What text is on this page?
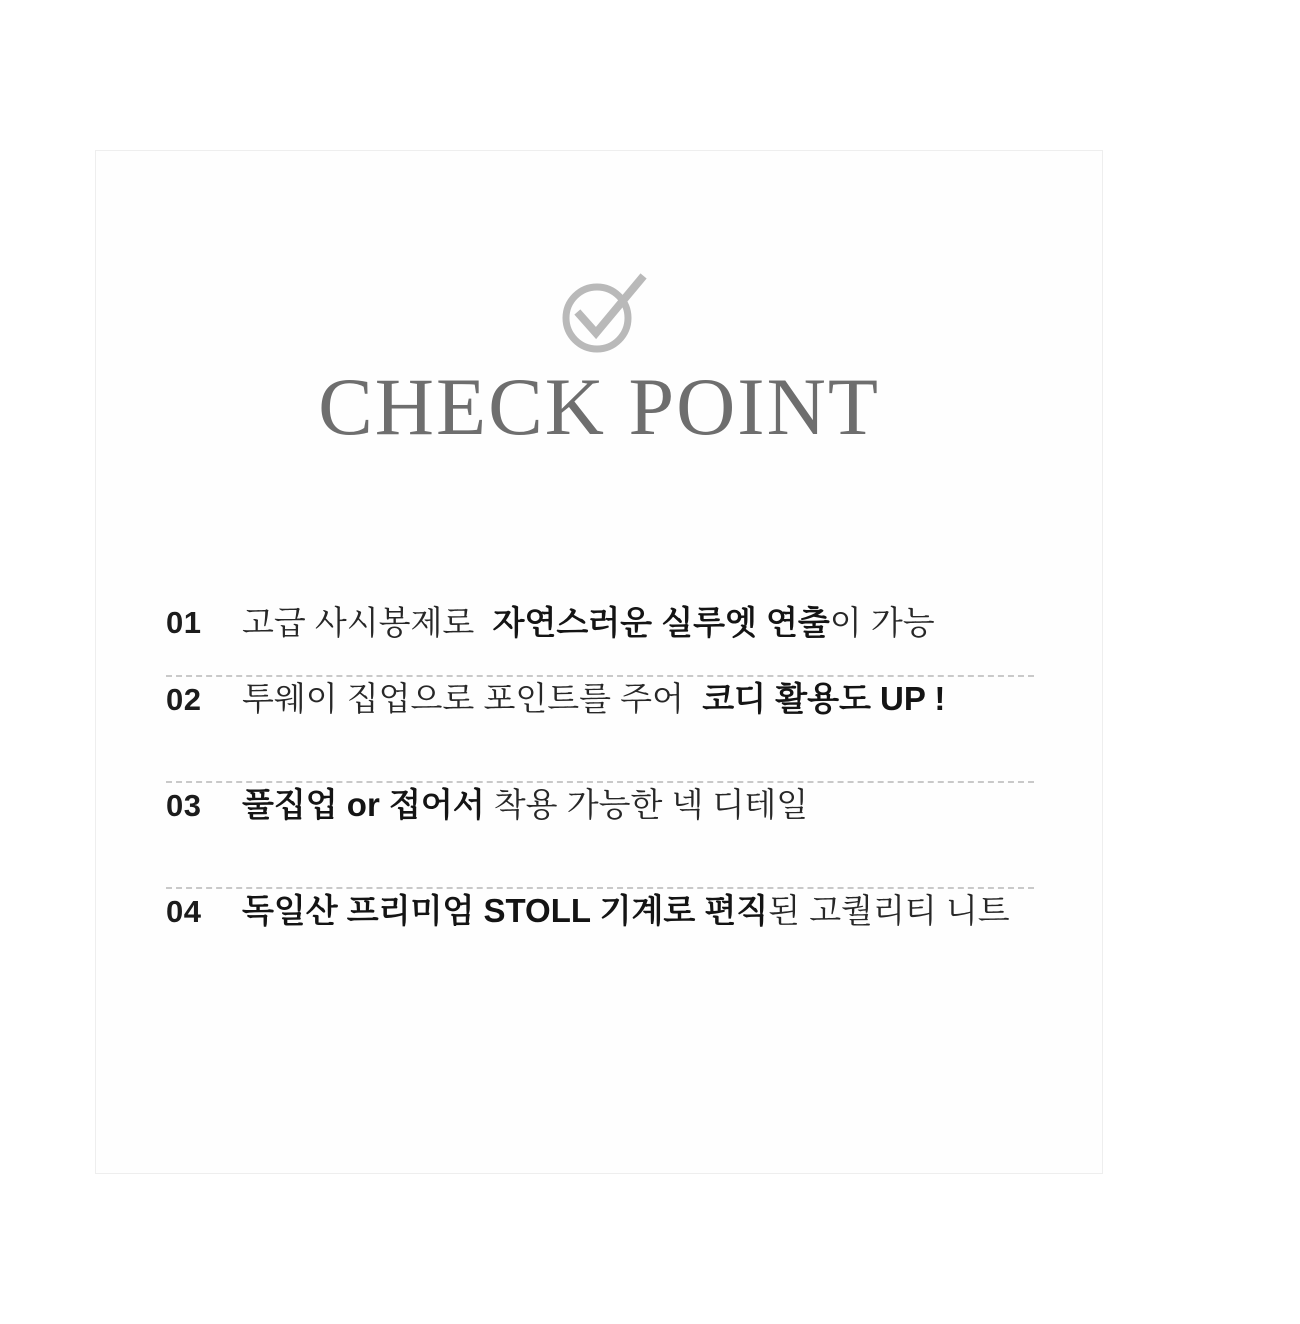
CHECK POINT
01	고급 사시봉제로  자연스러운 실루엣 연출이 가능
02	투웨이 집업으로 포인트를 주어  코디 활용도 UP !
03	풀집업 or 접어서 착용 가능한 넥 디테일
04	독일산 프리미엄 STOLL 기계로 편직된 고퀄리티 니트
